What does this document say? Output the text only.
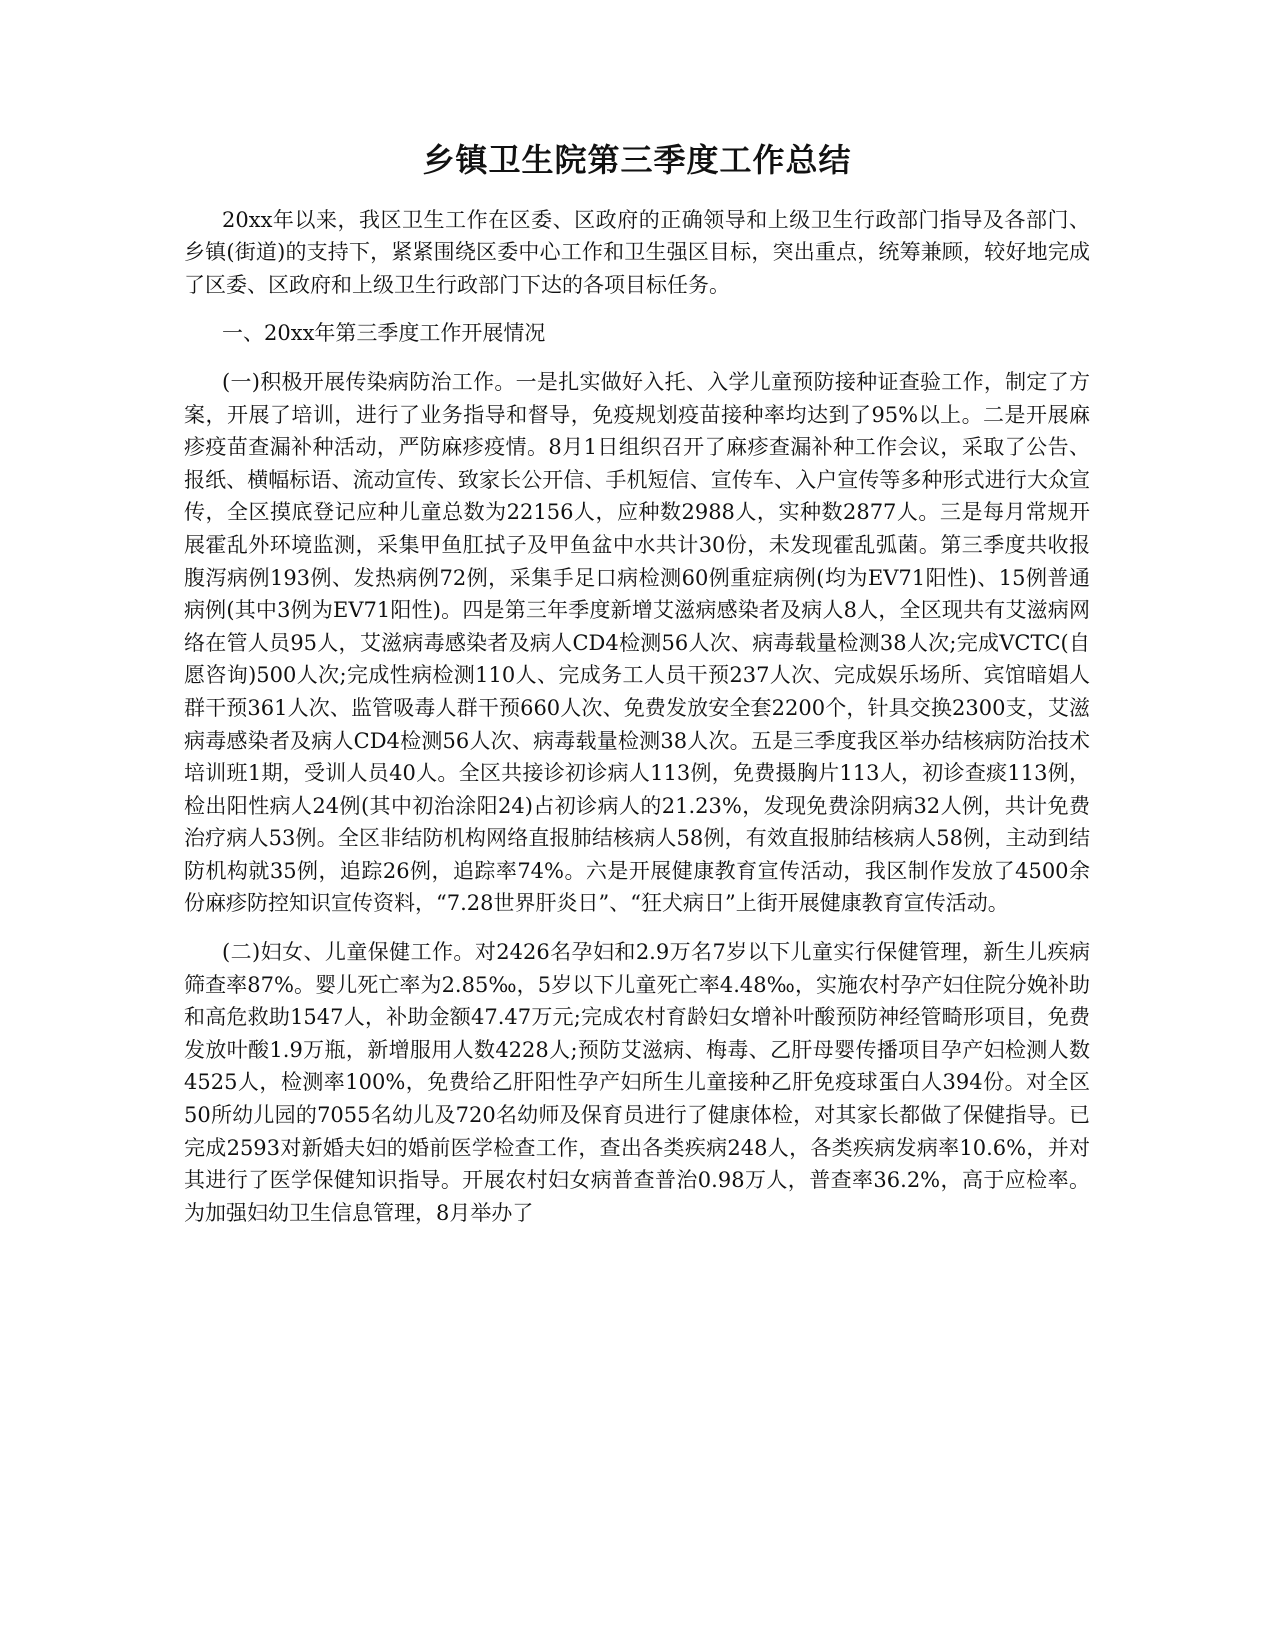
乡镇卫生院第三季度工作总结

20xx年以来，我区卫生工作在区委、区政府的正确领导和上级卫生行政部门指导及各部门、乡镇(街道)的支持下，紧紧围绕区委中心工作和卫生强区目标，突出重点，统筹兼顾，较好地完成了区委、区政府和上级卫生行政部门下达的各项目标任务。

一、20xx年第三季度工作开展情况

(一)积极开展传染病防治工作。一是扎实做好入托、入学儿童预防接种证查验工作，制定了方案，开展了培训，进行了业务指导和督导，免疫规划疫苗接种率均达到了95%以上。二是开展麻疹疫苗查漏补种活动，严防麻疹疫情。8月1日组织召开了麻疹查漏补种工作会议，采取了公告、报纸、横幅标语、流动宣传、致家长公开信、手机短信、宣传车、入户宣传等多种形式进行大众宣传，全区摸底登记应种儿童总数为22156人，应种数2988人，实种数2877人。三是每月常规开展霍乱外环境监测，采集甲鱼肛拭子及甲鱼盆中水共计30份，未发现霍乱弧菌。第三季度共收报腹泻病例193例、发热病例72例，采集手足口病检测60例重症病例(均为EV71阳性)、15例普通病例(其中3例为EV71阳性)。四是第三年季度新增艾滋病感染者及病人8人，全区现共有艾滋病网络在管人员95人，艾滋病毒感染者及病人CD4检测56人次、病毒载量检测38人次;完成VCTC(自愿咨询)500人次;完成性病检测110人、完成务工人员干预237人次、完成娱乐场所、宾馆暗娼人群干预361人次、监管吸毒人群干预660人次、免费发放安全套2200个，针具交换2300支，艾滋病毒感染者及病人CD4检测56人次、病毒载量检测38人次。五是三季度我区举办结核病防治技术培训班1期，受训人员40人。全区共接诊初诊病人113例，免费摄胸片113人，初诊查痰113例，检出阳性病人24例(其中初治涂阳24)占初诊病人的21.23%，发现免费涂阴病32人例，共计免费治疗病人53例。全区非结防机构网络直报肺结核病人58例，有效直报肺结核病人58例，主动到结防机构就35例，追踪26例，追踪率74%。六是开展健康教育宣传活动，我区制作发放了4500余份麻疹防控知识宣传资料，“7.28世界肝炎日”、“狂犬病日”上街开展健康教育宣传活动。

(二)妇女、儿童保健工作。对2426名孕妇和2.9万名7岁以下儿童实行保健管理，新生儿疾病筛查率87%。婴儿死亡率为2.85‰，5岁以下儿童死亡率4.48‰，实施农村孕产妇住院分娩补助和高危救助1547人，补助金额47.47万元;完成农村育龄妇女增补叶酸预防神经管畸形项目，免费发放叶酸1.9万瓶，新增服用人数4228人;预防艾滋病、梅毒、乙肝母婴传播项目孕产妇检测人数4525人，检测率100%，免费给乙肝阳性孕产妇所生儿童接种乙肝免疫球蛋白人394份。对全区50所幼儿园的7055名幼儿及720名幼师及保育员进行了健康体检，对其家长都做了保健指导。已完成2593对新婚夫妇的婚前医学检查工作，查出各类疾病248人，各类疾病发病率10.6%，并对其进行了医学保健知识指导。开展农村妇女病普查普治0.98万人，普查率36.2%，高于应检率。为加强妇幼卫生信息管理，8月举办了
